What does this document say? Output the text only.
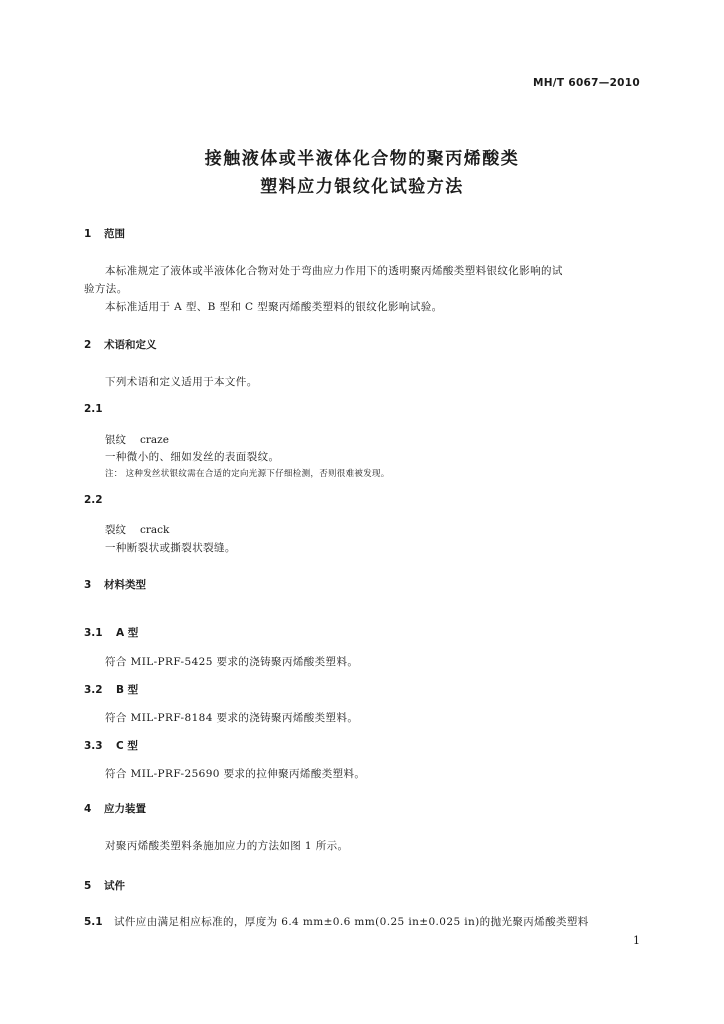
MH/T 6067—2010
接触液体或半液体化合物的聚丙烯酸类
塑料应力银纹化试验方法
1 范围
本标准规定了液体或半液体化合物对处于弯曲应力作用下的透明聚丙烯酸类塑料银纹化影响的试
验方法。
本标准适用于 A 型、B 型和 C 型聚丙烯酸类塑料的银纹化影响试验。
2 术语和定义
下列术语和定义适用于本文件。
2.1
银纹 craze
一种微小的、细如发丝的表面裂纹。
注： 这种发丝状银纹需在合适的定向光源下仔细检测，否则很难被发现。
2.2
裂纹 crack
一种断裂状或撕裂状裂缝。
3 材料类型
3.1 A 型
符合 MIL-PRF-5425 要求的浇铸聚丙烯酸类塑料。
3.2 B 型
符合 MIL-PRF-8184 要求的浇铸聚丙烯酸类塑料。
3.3 C 型
符合 MIL-PRF-25690 要求的拉伸聚丙烯酸类塑料。
4 应力装置
对聚丙烯酸类塑料条施加应力的方法如图 1 所示。
5 试件
5.1 试件应由满足相应标准的，厚度为 6.4 mm±0.6 mm(0.25 in±0.025 in)的抛光聚丙烯酸类塑料
1
